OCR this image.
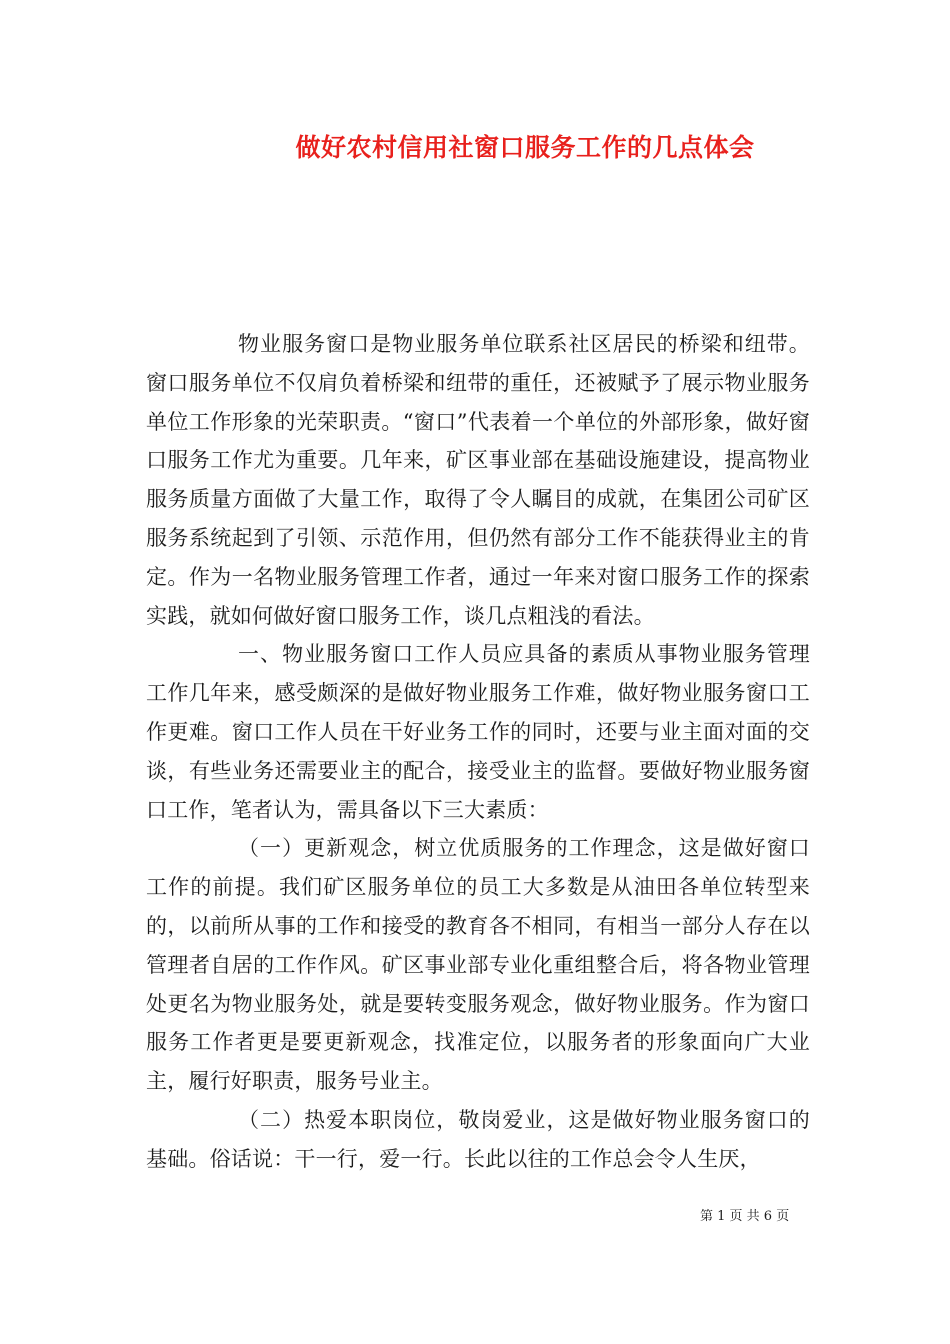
做好农村信用社窗口服务工作的几点体会

物业服务窗口是物业服务单位联系社区居民的桥梁和纽带。窗口服务单位不仅肩负着桥梁和纽带的重任，还被赋予了展示物业服务单位工作形象的光荣职责。“窗口”代表着一个单位的外部形象，做好窗口服务工作尤为重要。几年来，矿区事业部在基础设施建设，提高物业服务质量方面做了大量工作，取得了令人瞩目的成就，在集团公司矿区服务系统起到了引领、示范作用，但仍然有部分工作不能获得业主的肯定。作为一名物业服务管理工作者，通过一年来对窗口服务工作的探索实践，就如何做好窗口服务工作，谈几点粗浅的看法。

一、物业服务窗口工作人员应具备的素质从事物业服务管理工作几年来，感受颇深的是做好物业服务工作难，做好物业服务窗口工作更难。窗口工作人员在干好业务工作的同时，还要与业主面对面的交谈，有些业务还需要业主的配合，接受业主的监督。要做好物业服务窗口工作，笔者认为，需具备以下三大素质：

（一）更新观念，树立优质服务的工作理念，这是做好窗口工作的前提。我们矿区服务单位的员工大多数是从油田各单位转型来的，以前所从事的工作和接受的教育各不相同，有相当一部分人存在以管理者自居的工作作风。矿区事业部专业化重组整合后，将各物业管理处更名为物业服务处，就是要转变服务观念，做好物业服务。作为窗口服务工作者更是要更新观念，找准定位，以服务者的形象面向广大业主，履行好职责，服务号业主。

（二）热爱本职岗位，敬岗爱业，这是做好物业服务窗口的基础。俗话说：干一行，爱一行。长此以往的工作总会令人生厌，

第 1 页 共 6 页
